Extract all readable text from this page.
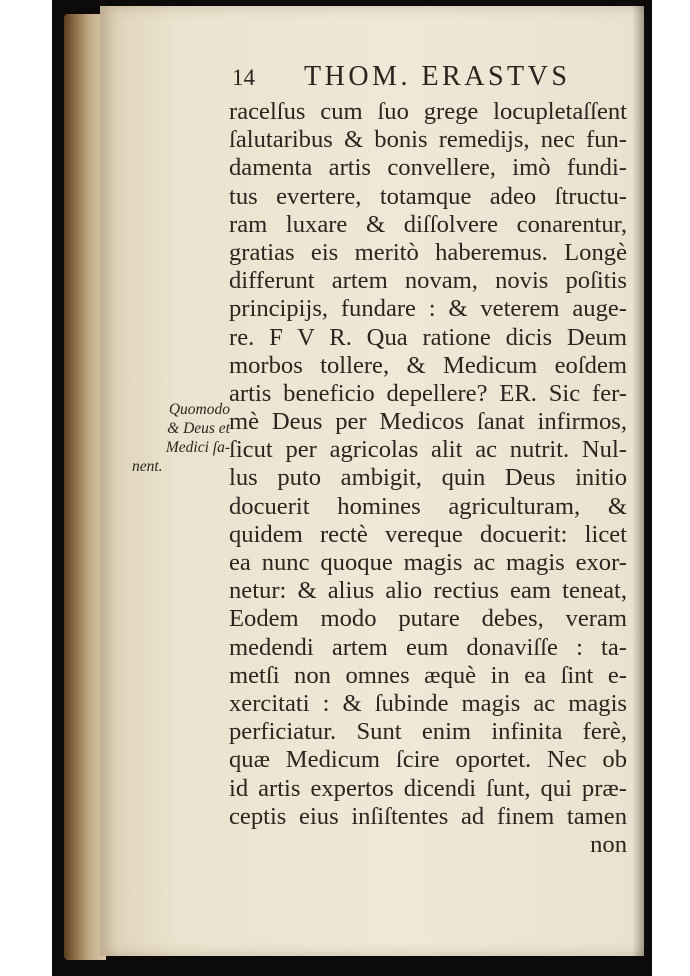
14 THOM. ERASTVS
racelſus cum ſuo grege locupletaſſent
ſalutaribus & bonis remedijs, nec fun-
damenta artis convellere, imò fundi-
tus evertere, totamque adeo ſtructu-
ram luxare & diſſolvere conarentur,
gratias eis meritò haberemus. Longè
differunt artem novam, novis poſitis
principijs, fundare : & veterem auge-
re. F V R. Qua ratione dicis Deum
morbos tollere, & Medicum eoſdem
artis beneficio depellere? ER. Sic fer-
mè Deus per Medicos ſanat infirmos,
ſicut per agricolas alit ac nutrit. Nul-
lus puto ambigit, quin Deus initio
docuerit homines agriculturam, &
quidem rectè vereque docuerit: licet
ea nunc quoque magis ac magis exor-
netur: & alius alio rectius eam teneat,
Eodem modo putare debes, veram
medendi artem eum donaviſſe : ta-
metſi non omnes æquè in ea ſint e-
xercitati : & ſubinde magis ac magis
perficiatur. Sunt enim infinita ferè,
quæ Medicum ſcire oportet. Nec ob
id artis expertos dicendi ſunt, qui præ-
ceptis eius inſiſtentes ad finem tamen
non
Quomodo
& Deus et
Medici ſa-
nent.
